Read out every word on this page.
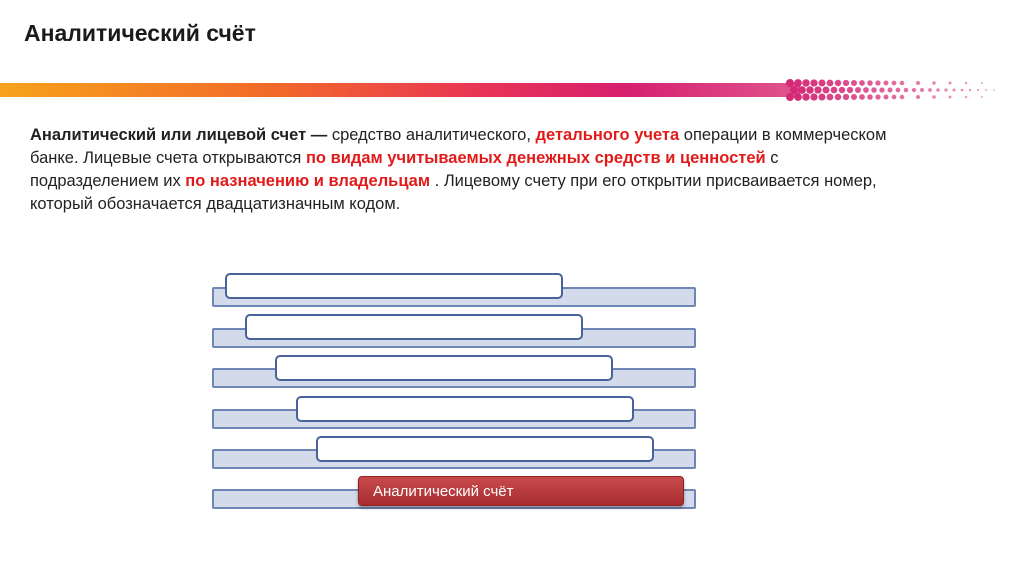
Аналитический счёт
Аналитический или лицевой счет — средство аналитического, детального учета операции в коммерческом банке. Лицевые счета открываются по видам учитываемых денежных средств и ценностей с подразделением их по назначению и владельцам . Лицевому счету при его открытии присваивается номер, который обозначается двадцатизначным кодом.
Аналитический счёт
